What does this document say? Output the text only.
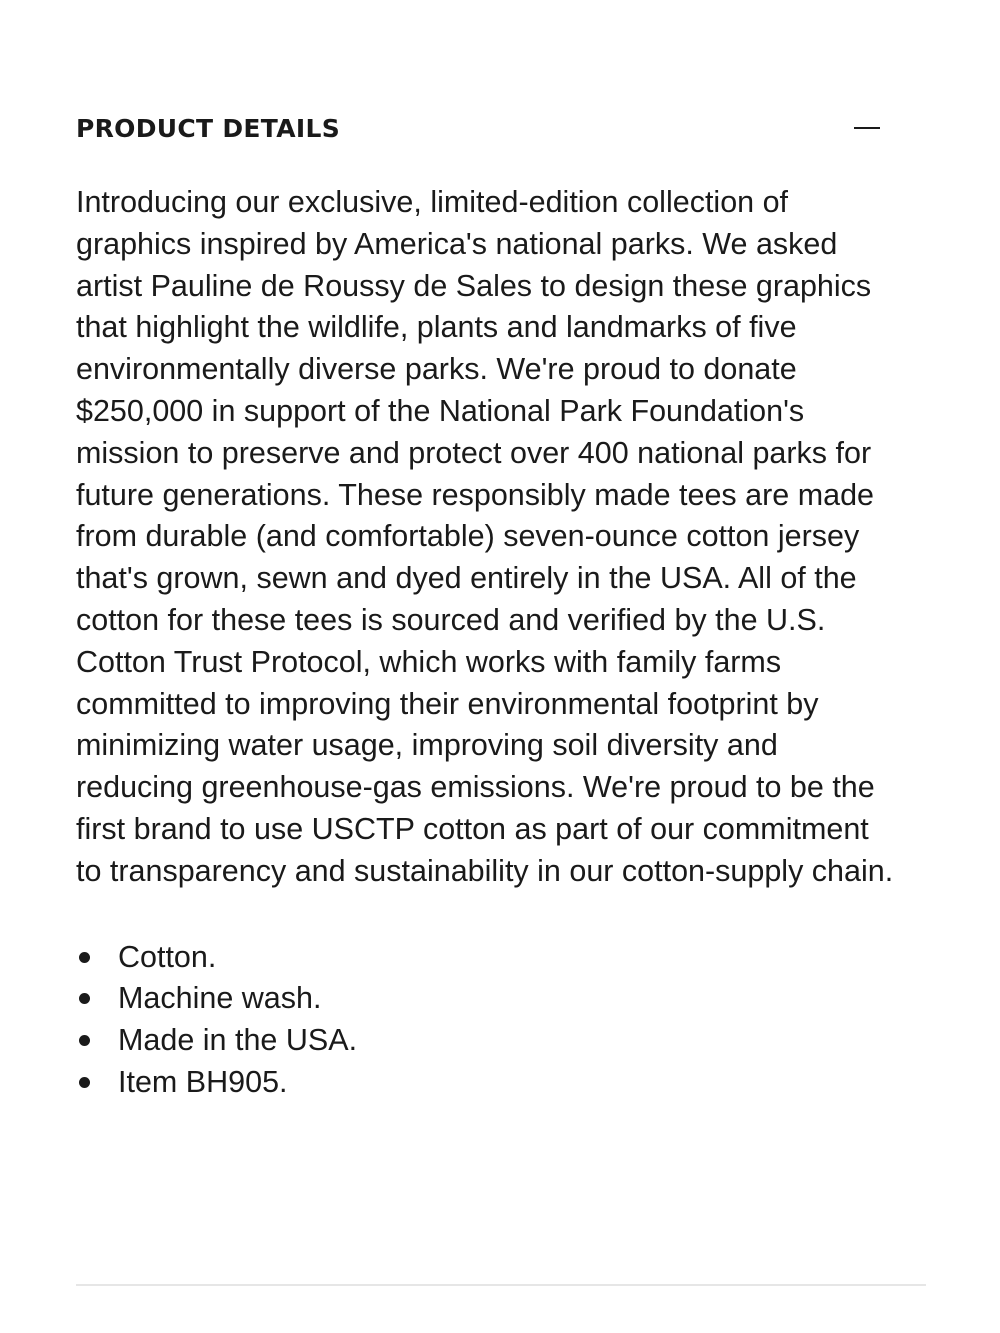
PRODUCT DETAILS

Introducing our exclusive, limited-edition collection of graphics inspired by America's national parks. We asked artist Pauline de Roussy de Sales to design these graphics that highlight the wildlife, plants and landmarks of five environmentally diverse parks. We're proud to donate $250,000 in support of the National Park Foundation's mission to preserve and protect over 400 national parks for future generations. These responsibly made tees are made from durable (and comfortable) seven-ounce cotton jersey that's grown, sewn and dyed entirely in the USA. All of the cotton for these tees is sourced and verified by the U.S. Cotton Trust Protocol, which works with family farms committed to improving their environmental footprint by minimizing water usage, improving soil diversity and reducing greenhouse-gas emissions. We're proud to be the first brand to use USCTP cotton as part of our commitment to transparency and sustainability in our cotton-supply chain.

Cotton.
Machine wash.
Made in the USA.
Item BH905.
